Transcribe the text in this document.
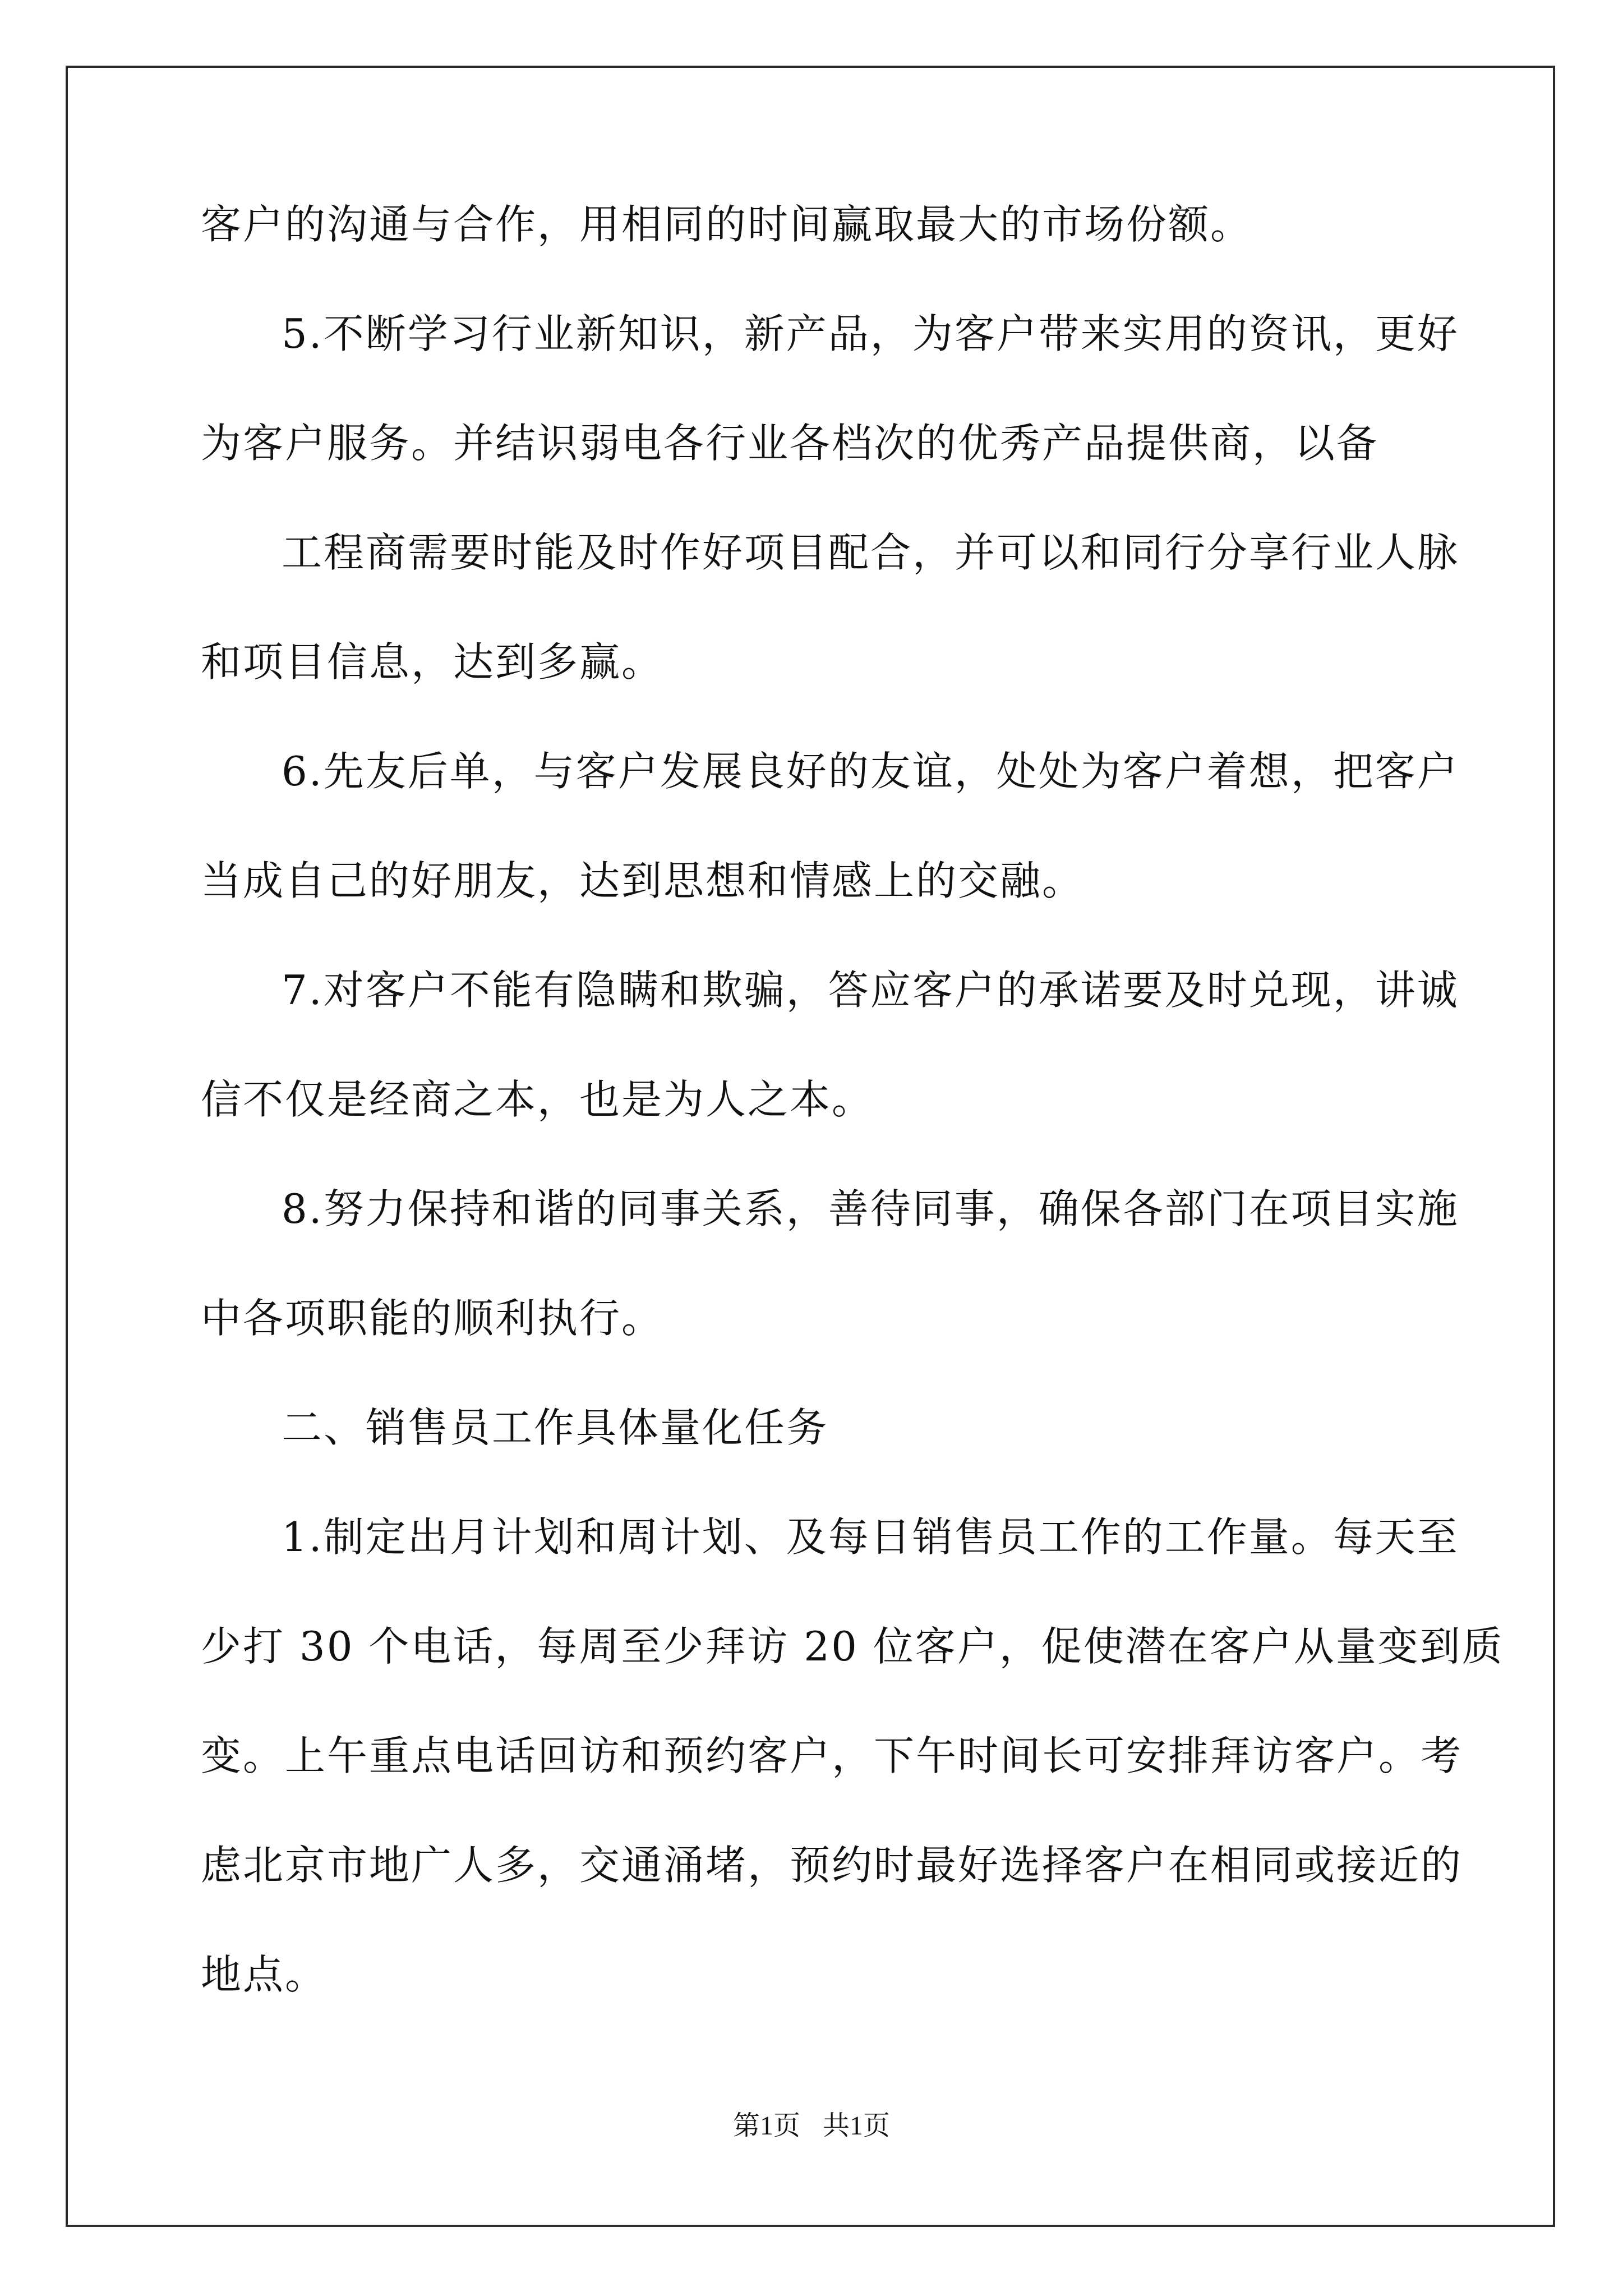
客户的沟通与合作，用相同的时间赢取最大的市场份额。
5.不断学习行业新知识，新产品，为客户带来实用的资讯，更好
为客户服务。并结识弱电各行业各档次的优秀产品提供商，以备
工程商需要时能及时作好项目配合，并可以和同行分享行业人脉
和项目信息，达到多赢。
6.先友后单，与客户发展良好的友谊，处处为客户着想，把客户
当成自己的好朋友，达到思想和情感上的交融。
7.对客户不能有隐瞒和欺骗，答应客户的承诺要及时兑现，讲诚
信不仅是经商之本，也是为人之本。
8.努力保持和谐的同事关系，善待同事，确保各部门在项目实施
中各项职能的顺利执行。
二、销售员工作具体量化任务
1.制定出月计划和周计划、及每日销售员工作的工作量。每天至
少打 30 个电话，每周至少拜访 20 位客户，促使潜在客户从量变到质
变。上午重点电话回访和预约客户，下午时间长可安排拜访客户。考
虑北京市地广人多，交通涌堵，预约时最好选择客户在相同或接近的
地点。
第1页 共1页
